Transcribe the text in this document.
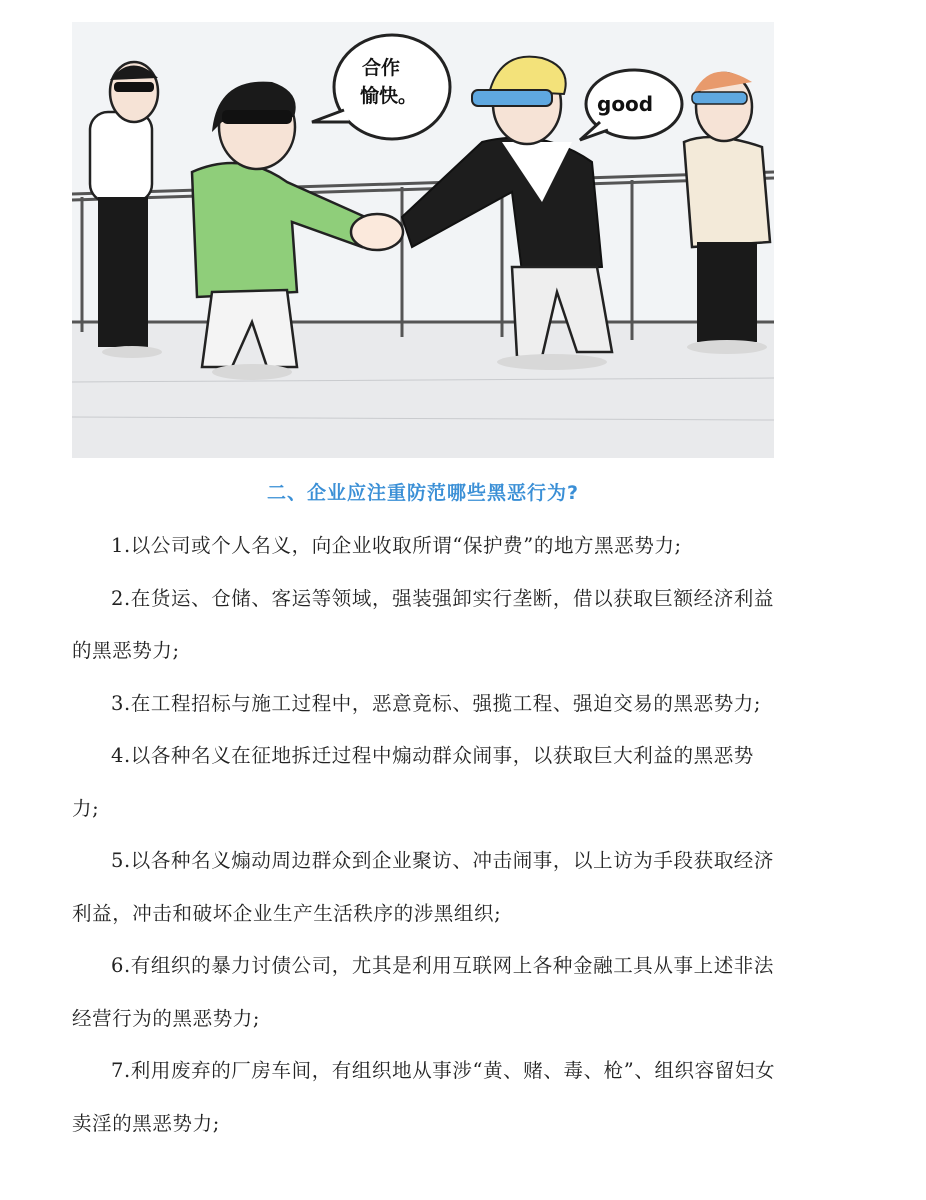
合作
愉快。	good
二、企业应注重防范哪些黑恶行为?

1.以公司或个人名义，向企业收取所谓“保护费”的地方黑恶势力;

2.在货运、仓储、客运等领域，强装强卸实行垄断，借以获取巨额经济利益的黑恶势力;

3.在工程招标与施工过程中，恶意竟标、强揽工程、强迫交易的黑恶势力;

4.以各种名义在征地拆迁过程中煽动群众闹事，以获取巨大利益的黑恶势力;

5.以各种名义煽动周边群众到企业聚访、冲击闹事，以上访为手段获取经济利益，冲击和破坏企业生产生活秩序的涉黑组织;

6.有组织的暴力讨债公司，尤其是利用互联网上各种金融工具从事上述非法经营行为的黑恶势力;

7.利用废弃的厂房车间，有组织地从事涉“黄、赌、毒、枪”、组织容留妇女卖淫的黑恶势力;
